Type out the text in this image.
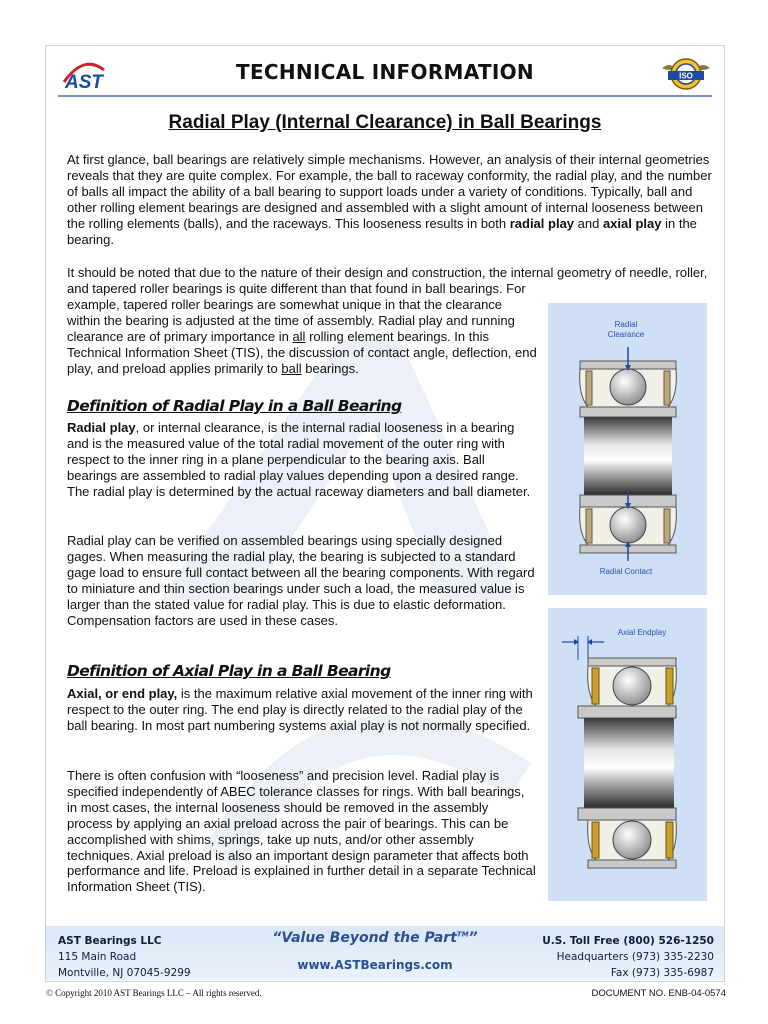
AST	TECHNICAL INFORMATION	ISO
Radial Play (Internal Clearance) in Ball Bearings

At first glance, ball bearings are relatively simple mechanisms. However, an analysis of their internal geometries reveals that they are quite complex. For example, the ball to raceway conformity, the radial play, and the number of balls all impact the ability of a ball bearing to support loads under a variety of conditions. Typically, ball and other rolling element bearings are designed and assembled with a slight amount of internal looseness between the rolling elements (balls), and the raceways. This looseness results in both radial play and axial play in the bearing.

It should be noted that due to the nature of their design and construction, the internal geometry of needle, roller, and tapered roller bearings is quite different than that found in ball bearings. For

example, tapered roller bearings are somewhat unique in that the clearance within the bearing is adjusted at the time of assembly. Radial play and running clearance are of primary importance in all rolling element bearings. In this Technical Information Sheet (TIS), the discussion of contact angle, deflection, end play, and preload applies primarily to ball bearings.

Definition of Radial Play in a Ball Bearing

Radial play, or internal clearance, is the internal radial looseness in a bearing and is the measured value of the total radial movement of the outer ring with respect to the inner ring in a plane perpendicular to the bearing axis. Ball bearings are assembled to radial play values depending upon a desired range. The radial play is determined by the actual raceway diameters and ball diameter.

Radial play can be verified on assembled bearings using specially designed gages. When measuring the radial play, the bearing is subjected to a standard gage load to ensure full contact between all the bearing components. With regard to miniature and thin section bearings under such a load, the measured value is larger than the stated value for radial play. This is due to elastic deformation. Compensation factors are used in these cases.

Definition of Axial Play in a Ball Bearing

Axial, or end play, is the maximum relative axial movement of the inner ring with respect to the outer ring. The end play is directly related to the radial play of the ball bearing. In most part numbering systems axial play is not normally specified.

There is often confusion with “looseness” and precision level. Radial play is specified independently of ABEC tolerance classes for rings. With ball bearings, in most cases, the internal looseness should be removed in the assembly process by applying an axial preload across the pair of bearings. This can be accomplished with shims, springs, take up nuts, and/or other assembly techniques. Axial preload is also an important design parameter that affects both performance and life. Preload is explained in further detail in a separate Technical Information Sheet (TIS).

Radial Clearance
Radial Contact
Axial Endplay
AST Bearings LLC
115 Main Road
Montville, NJ 07045-9299
“Value Beyond the Part™”
www.ASTBearings.com
U.S. Toll Free (800) 526-1250
Headquarters (973) 335-2230
Fax (973) 335-6987
© Copyright 2010 AST Bearings LLC – All rights reserved.	DOCUMENT NO. ENB-04-0574
